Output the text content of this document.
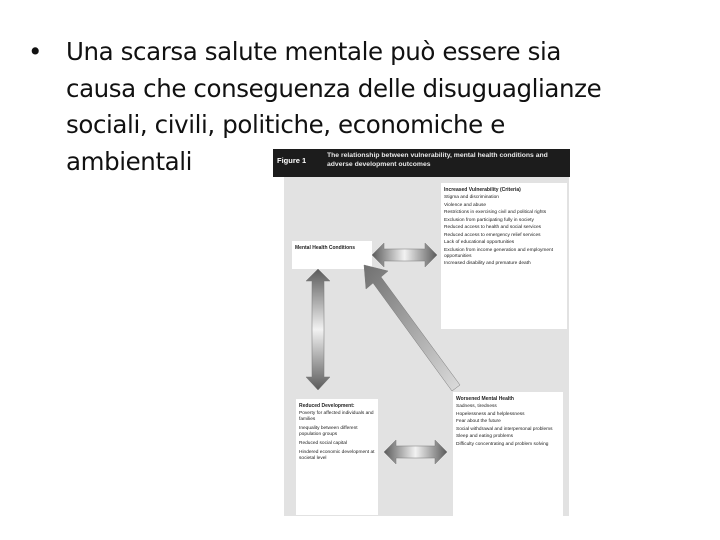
• Una scarsa salute mentale può essere sia
causa che conseguenza delle disuguaglianze
sociali, civili, politiche, economiche e
ambientali	Figure 1
The relationship between vulnerability, mental health conditions and adverse development outcomes
Increased Vulnerability (Criteria)
Stigma and discrimination
Violence and abuse
Restrictions in exercising civil and political rights
Exclusion from participating fully in society
Reduced access to health and social services
Reduced access to emergency relief services
Lack of educational opportunities
Exclusion from income generation and employment opportunities
Increased disability and premature death
Mental Health Conditions
Reduced Development:
Poverty for affected individuals and families
Inequality between different population groups
Reduced social capital
Hindered economic development at societal level
Worsened Mental Health
Sadness, tiredness
Hopelessness and helplessness
Fear about the future
Social withdrawal and interpersonal problems
Sleep and eating problems
Difficulty concentrating and problem solving
